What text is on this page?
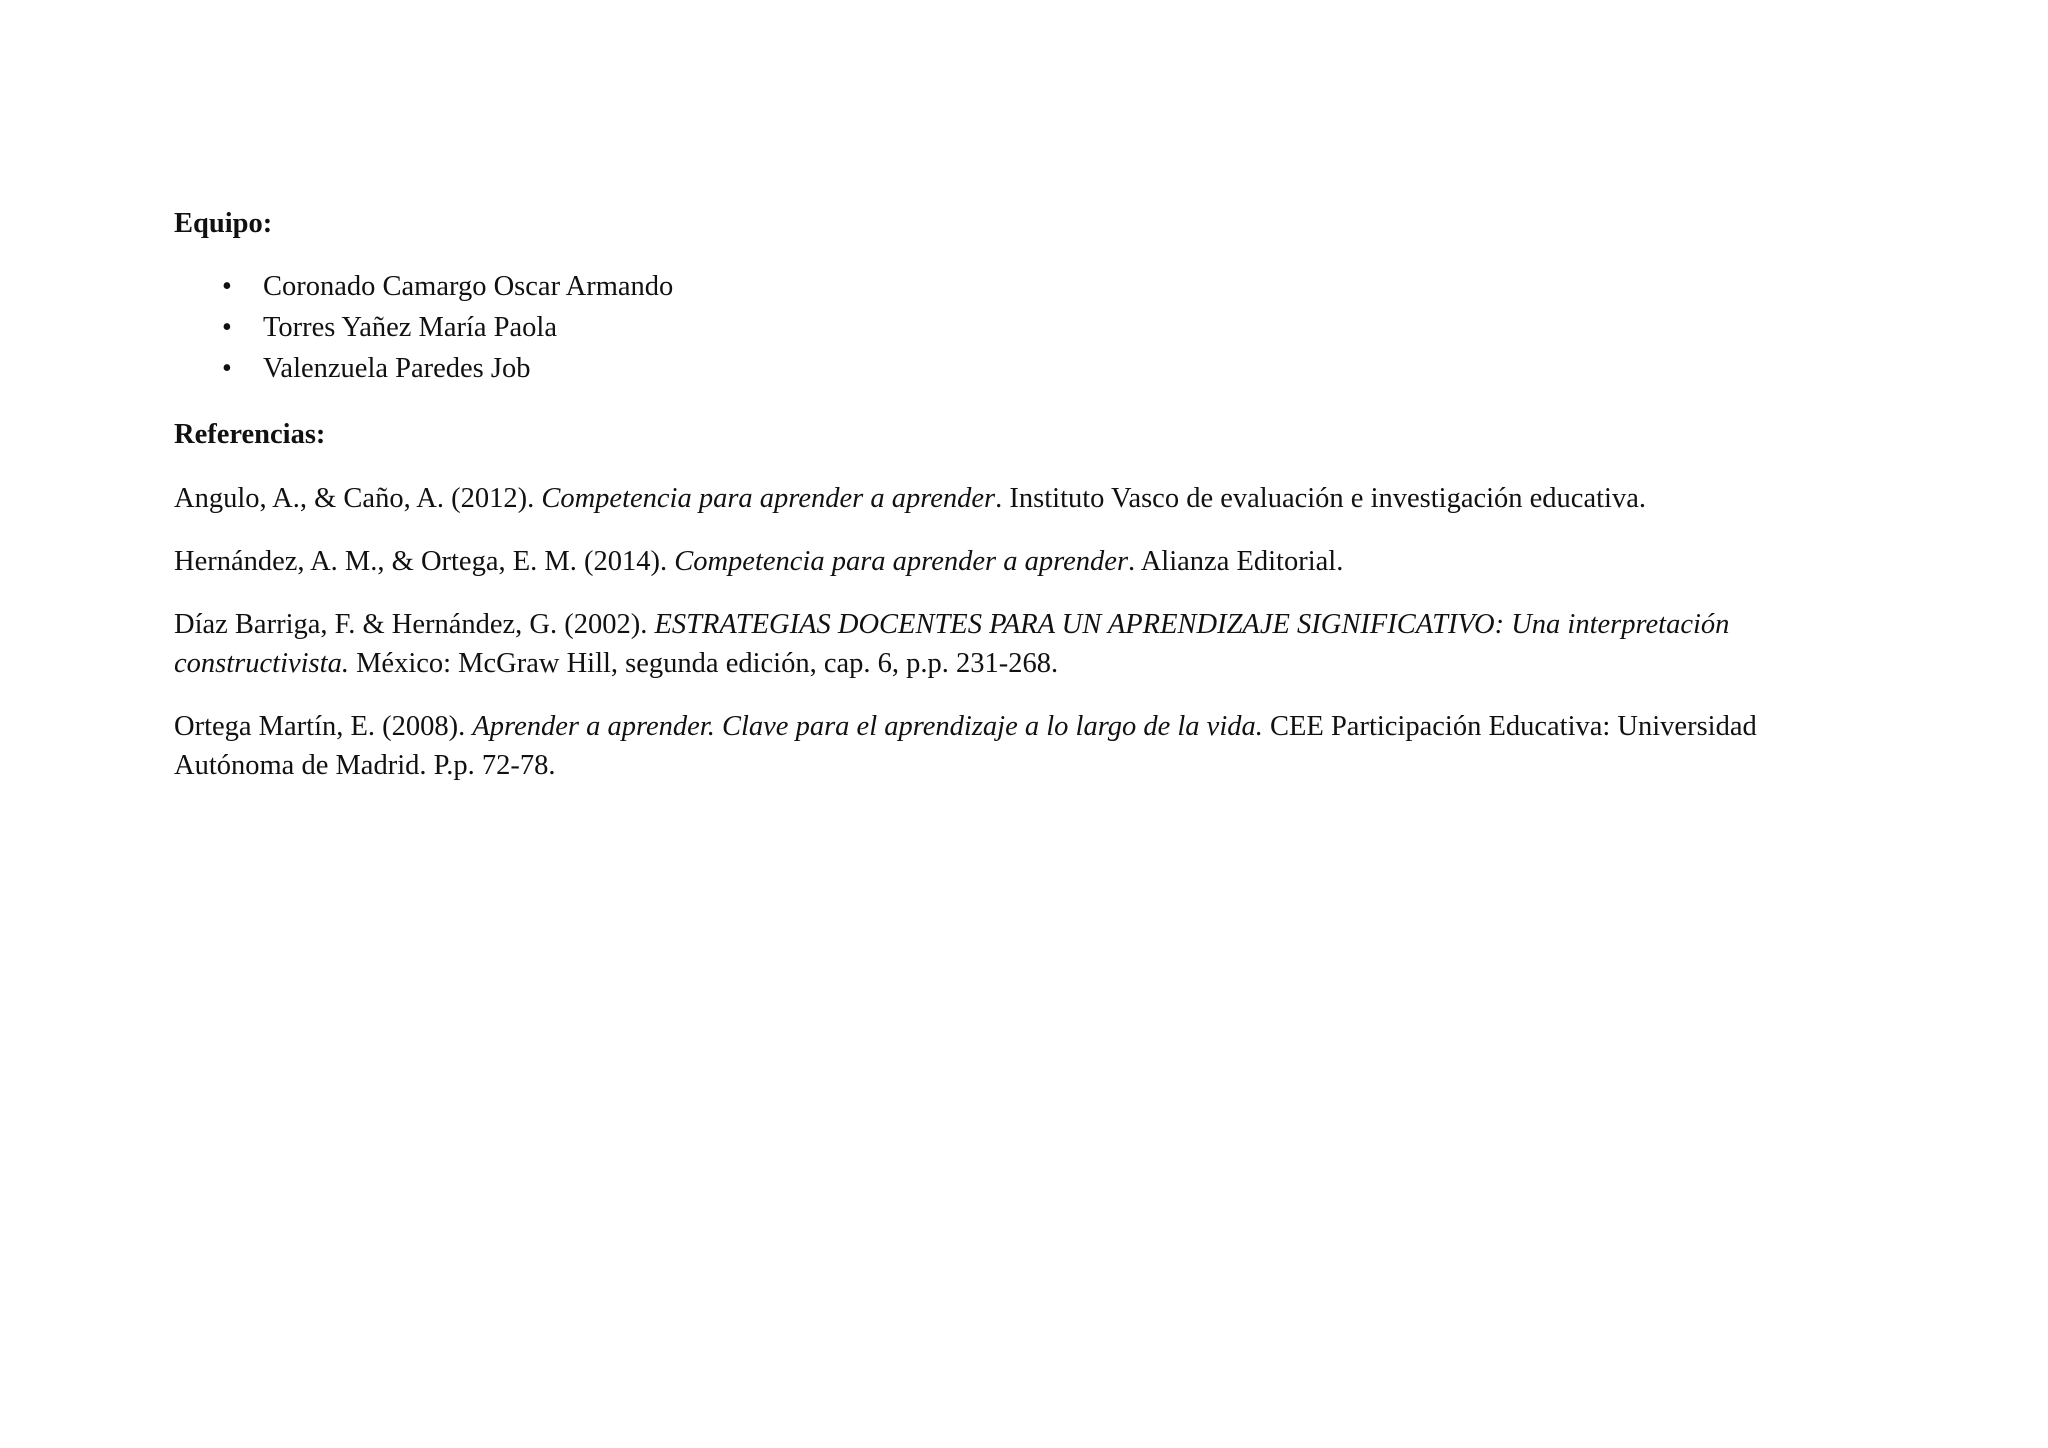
Equipo:

• Coronado Camargo Oscar Armando
• Torres Yañez María Paola
• Valenzuela Paredes Job

Referencias:

Angulo, A., & Caño, A. (2012). Competencia para aprender a aprender. Instituto Vasco de evaluación e investigación educativa.

Hernández, A. M., & Ortega, E. M. (2014). Competencia para aprender a aprender. Alianza Editorial.

Díaz Barriga, F. & Hernández, G. (2002). ESTRATEGIAS DOCENTES PARA UN APRENDIZAJE SIGNIFICATIVO: Una interpretación constructivista. México: McGraw Hill, segunda edición, cap. 6, p.p. 231-268.

Ortega Martín, E. (2008). Aprender a aprender. Clave para el aprendizaje a lo largo de la vida. CEE Participación Educativa: Universidad Autónoma de Madrid. P.p. 72-78.
